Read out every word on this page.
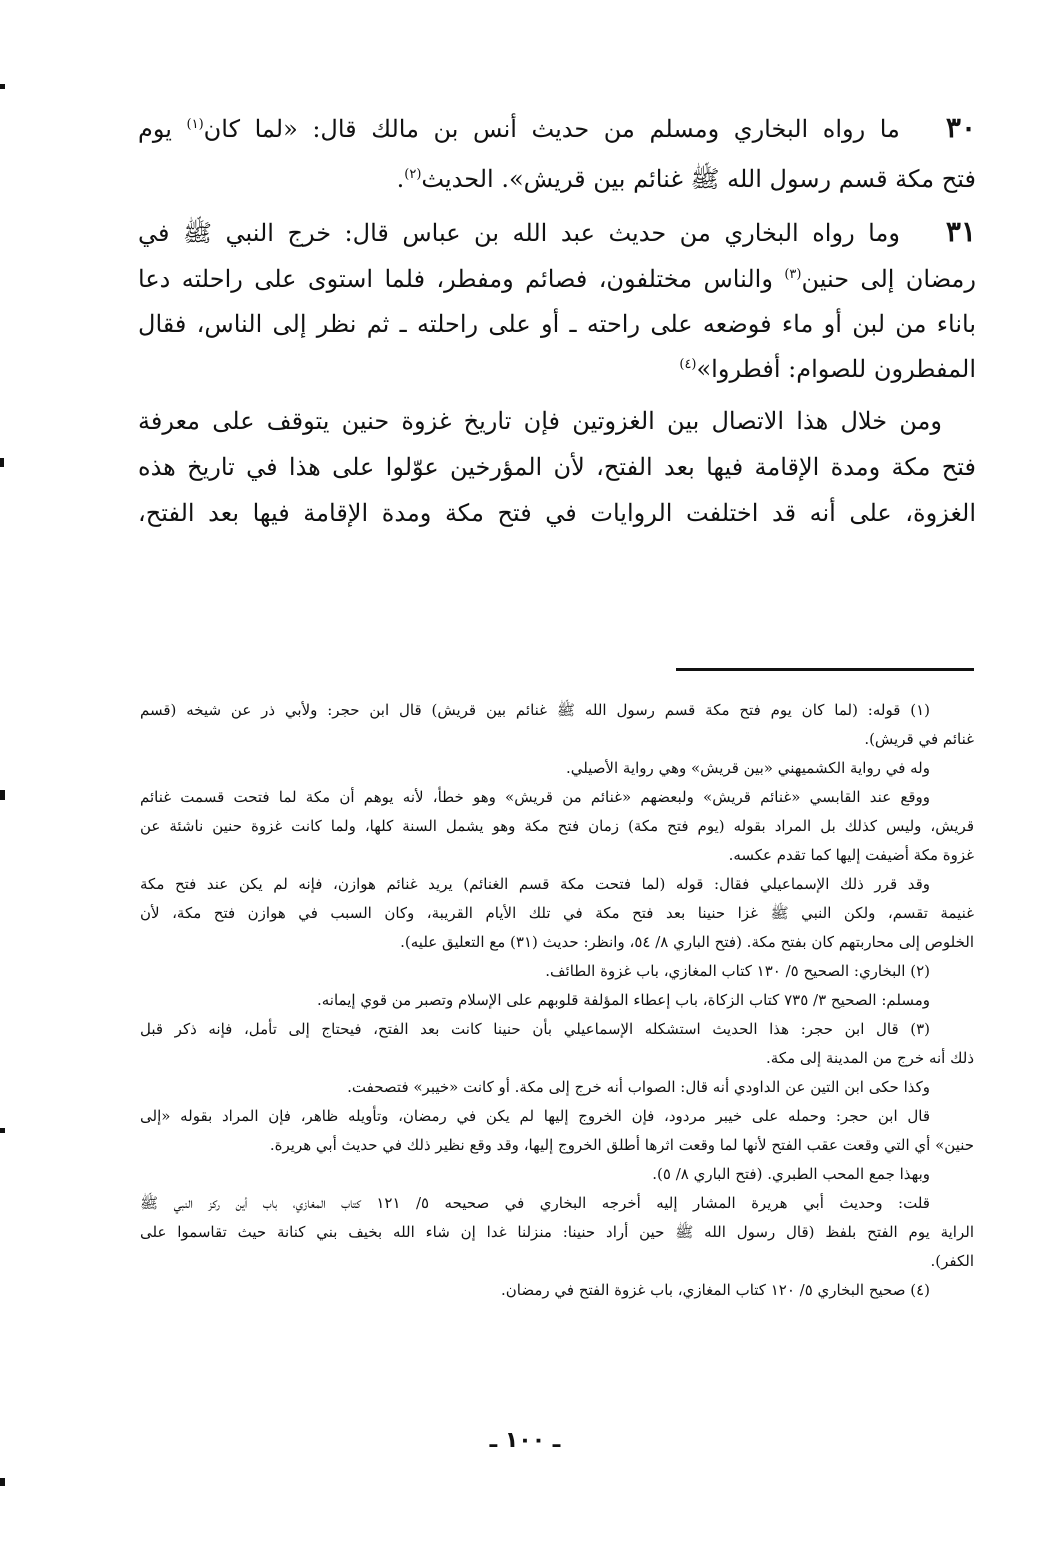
٣٠ما رواه البخاري ومسلم من حديث أنس بن مالك قال: «لما كان$^{(١)}$ يوم
فتح مكة قسم رسول الله ﷺ غنائم بين قريش». الحديث$^{(٢)}$.
٣١وما رواه البخاري من حديث عبد الله بن عباس قال: خرج النبي ﷺ في
رمضان إلى حنين$^{(٣)}$ والناس مختلفون، فصائم ومفطر، فلما استوى على راحلته دعا
باناء من لبن أو ماء فوضعه على راحته ـ أو على راحلته ـ ثم نظر إلى الناس، فقال
المفطرون للصوام: أفطروا»$^{(٤)}$
ومن خلال هذا الاتصال بين الغزوتين فإن تاريخ غزوة حنين يتوقف على معرفة
فتح مكة ومدة الإقامة فيها بعد الفتح، لأن المؤرخين عوّلوا على هذا في تاريخ هذه
الغزوة، على أنه قد اختلفت الروايات في فتح مكة ومدة الإقامة فيها بعد الفتح،
(١) قوله: (لما كان يوم فتح مكة قسم رسول الله ﷺ غنائم بين قريش) قال ابن حجر: ولأبي ذر عن شيخه (قسم
غنائم في قريش).
وله في رواية الكشميهني «بين قريش» وهي رواية الأصيلي.
ووقع عند القابسي «غنائم قريش» ولبعضهم «غنائم من قريش» وهو خطأ، لأنه يوهم أن مكة لما فتحت قسمت غنائم
قريش، وليس كذلك بل المراد بقوله (يوم فتح مكة) زمان فتح مكة وهو يشمل السنة كلها، ولما كانت غزوة حنين ناشئة عن
غزوة مكة أضيفت إليها كما تقدم عكسه.
وقد قرر ذلك الإسماعيلي فقال: قوله (لما فتحت مكة قسم الغنائم) يريد غنائم هوازن، فإنه لم يكن عند فتح مكة
غنيمة تقسم، ولكن النبي ﷺ غزا حنينا بعد فتح مكة في تلك الأيام القريبة، وكان السبب في هوازن فتح مكة، لأن
الخلوص إلى محاربتهم كان بفتح مكة. (فتح الباري ٨/ ٥٤، وانظر: حديث (٣١) مع التعليق عليه).
(٢) البخاري: الصحيح ٥/ ١٣٠ كتاب المغازي، باب غزوة الطائف.
ومسلم: الصحيح ٣/ ٧٣٥ كتاب الزكاة، باب إعطاء المؤلفة قلوبهم على الإسلام وتصبر من قوي إيمانه.
(٣) قال ابن حجر: هذا الحديث استشكله الإسماعيلي بأن حنينا كانت بعد الفتح، فيحتاج إلى تأمل، فإنه ذكر قبل
ذلك أنه خرج من المدينة إلى مكة.
وكذا حكى ابن التين عن الداودي أنه قال: الصواب أنه خرج إلى مكة. أو كانت «خيبر» فتصحفت.
قال ابن حجر: وحمله على خيبر مردود، فإن الخروج إليها لم يكن في رمضان، وتأويله ظاهر، فإن المراد بقوله «إلى
حنين» أي التي وقعت عقب الفتح لأنها لما وقعت اثرها أطلق الخروج إليها، وقد وقع نظير ذلك في حديث أبي هريرة.
وبهذا جمع المحب الطبري. (فتح الباري ٨/ ٥).
قلت: وحديث أبي هريرة المشار إليه أخرجه البخاري في صحيحه ٥/ ١٢١ كتاب المغازي، باب أين ركز النبي ﷺ
الراية يوم الفتح بلفظ (قال رسول الله ﷺ حين أراد حنينا: منزلنا غدا إن شاء الله بخيف بني كنانة حيث تقاسموا على
الكفر).
(٤) صحيح البخاري ٥/ ١٢٠ كتاب المغازي، باب غزوة الفتح في رمضان.
ـ ١٠٠ ـ
